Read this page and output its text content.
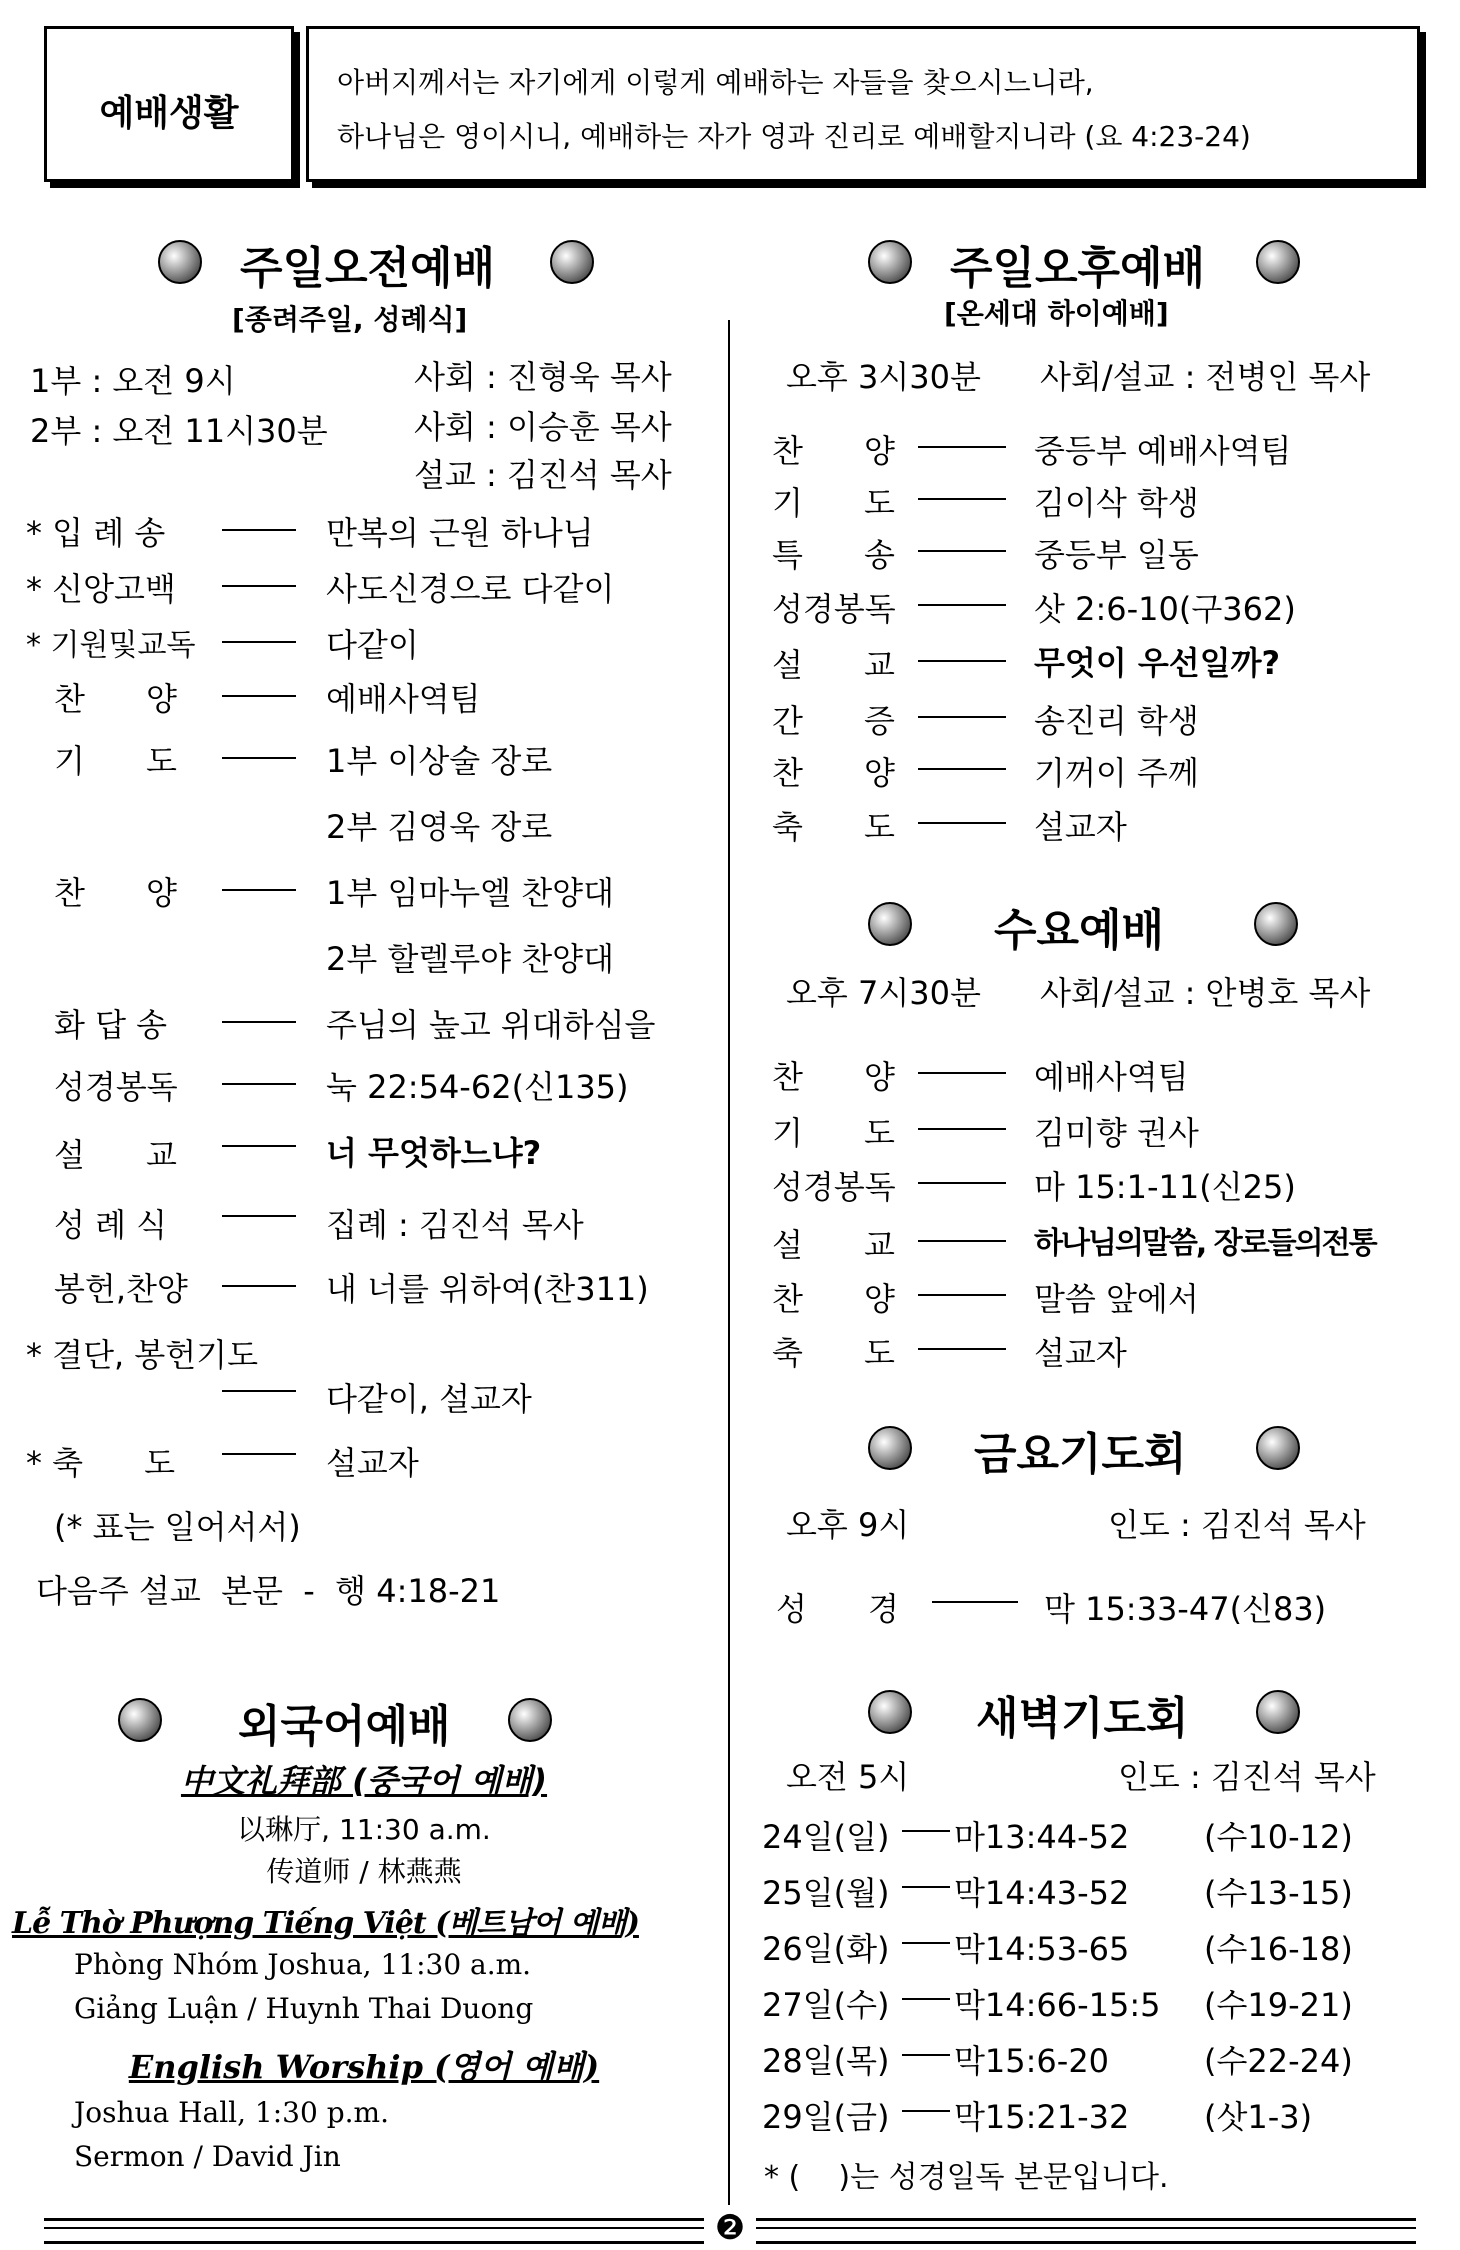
예배생활
아버지께서는 자기에게 이렇게 예배하는 자들을 찾으시느니라,
하나님은 영이시니, 예배하는 자가 영과 진리로 예배할지니라 (요 4:23-24)
주일오전예배
[종려주일, 성례식]
1부 : 오전 9시	사회 : 진형욱 목사
2부 : 오전 11시30분	사회 : 이승훈 목사
설교 : 김진석 목사
* 입 례 송	만복의 근원 하나님
* 신앙고백	사도신경으로 다같이
* 기원및교독	다같이
찬      양	예배사역팀
기      도	1부 이상술 장로
2부 김영욱 장로
찬      양	1부 임마누엘 찬양대
2부 할렐루야 찬양대
화 답 송	주님의 높고 위대하심을
성경봉독	눅 22:54-62(신135)
설      교	너 무엇하느냐?
성 례 식	집례 : 김진석 목사
봉헌,찬양	내 너를 위하여(찬311)
* 결단, 봉헌기도
다같이, 설교자
* 축      도	설교자
(* 표는 일어서서)
다음주 설교  본문  -  행 4:18-21
외국어예배
中文礼拜部 (중국어 예배)
以琳厅, 11:30 a.m.
传道师 / 林燕燕
Lễ Thờ Phượng Tiếng Việt (베트남어 예배)
Phòng Nhóm Joshua, 11:30 a.m.
Giảng Luận / Huynh Thai Duong
English Worship (영어 예배)
Joshua Hall, 1:30 p.m.
Sermon / David Jin
주일오후예배
[온세대 하이예배]
오후 3시30분 사회/설교 : 전병인 목사
찬      양	중등부 예배사역팀
기      도	김이삭 학생
특      송	중등부 일동
성경봉독	삿 2:6-10(구362)
설      교	무엇이 우선일까?
간      증	송진리 학생
찬      양	기꺼이 주께
축      도	설교자
수요예배
오후 7시30분 사회/설교 : 안병호 목사
찬      양	예배사역팀
기      도	김미향 권사
성경봉독	마 15:1-11(신25)
설      교	하나님의말씀, 장로들의전통
찬      양	말씀 앞에서
축      도	설교자
금요기도회
오후 9시	인도 : 김진석 목사
성      경	막 15:33-47(신83)
새벽기도회
오전 5시	인도 : 김진석 목사
24일(일) 마13:44-52 (수10-12)
25일(월) 막14:43-52 (수13-15)
26일(화) 막14:53-65 (수16-18)
27일(수) 막14:66-15:5 (수19-21)
28일(목) 막15:6-20	(수22-24)
29일(금) 막15:21-32 (삿1-3)
* (    )는 성경일독 본문입니다.
❷
